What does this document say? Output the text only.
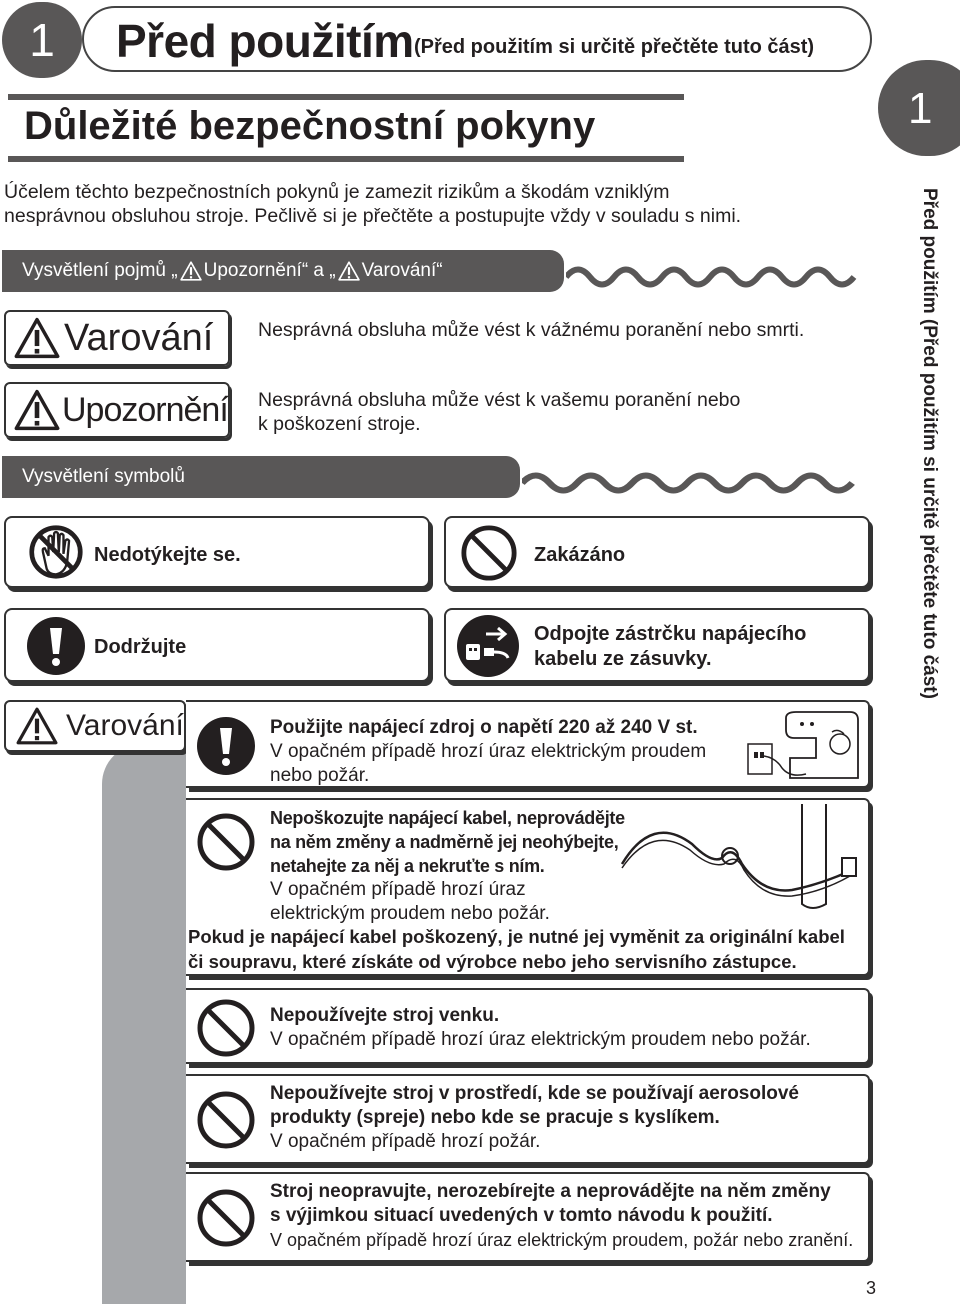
1 Před použitím (Před použitím si určitě přečtěte tuto část)
Důležité bezpečnostní pokyny
Účelem těchto bezpečnostních pokynů je zamezit rizikům a škodám vzniklým
nesprávnou obsluhou stroje. Pečlivě si je přečtěte a postupujte vždy v souladu s nimi.
1
Před použitím (Před použitím si určitě přečtěte tuto část)
Vysvětlení pojmů „ Upozornění“ a „ Varování“
Varování Nesprávná obsluha může vést k vážnému poranění nebo smrti.
Upozornění Nesprávná obsluha může vést k vašemu poranění nebo
k poškození stroje.
Vysvětlení symbolů
Nedotýkejte se.	Zakázáno
Dodržujte
Odpojte zástrčku napájecího
kabelu ze zásuvky.
Varování	Použijte napájecí zdroj o napětí 220 až 240 V st.
V opačném případě hrozí úraz elektrickým proudem
nebo požár.
Nepoškozujte napájecí kabel, neprovádějte
na něm změny a nadměrně jej neohýbejte,
netahejte za něj a nekruťte s ním.
V opačném případě hrozí úraz
elektrickým proudem nebo požár.
Pokud je napájecí kabel poškozený, je nutné jej vyměnit za originální kabel
či soupravu, které získáte od výrobce nebo jeho servisního zástupce.
Nepoužívejte stroj venku.
V opačném případě hrozí úraz elektrickým proudem nebo požár.
Nepoužívejte stroj v prostředí, kde se používají aerosolové
produkty (spreje) nebo kde se pracuje s kyslíkem.
V opačném případě hrozí požár.
Stroj neopravujte, nerozebírejte a neprovádějte na něm změny
s výjimkou situací uvedených v tomto návodu k použití.
V opačném případě hrozí úraz elektrickým proudem, požár nebo zranění.
3
